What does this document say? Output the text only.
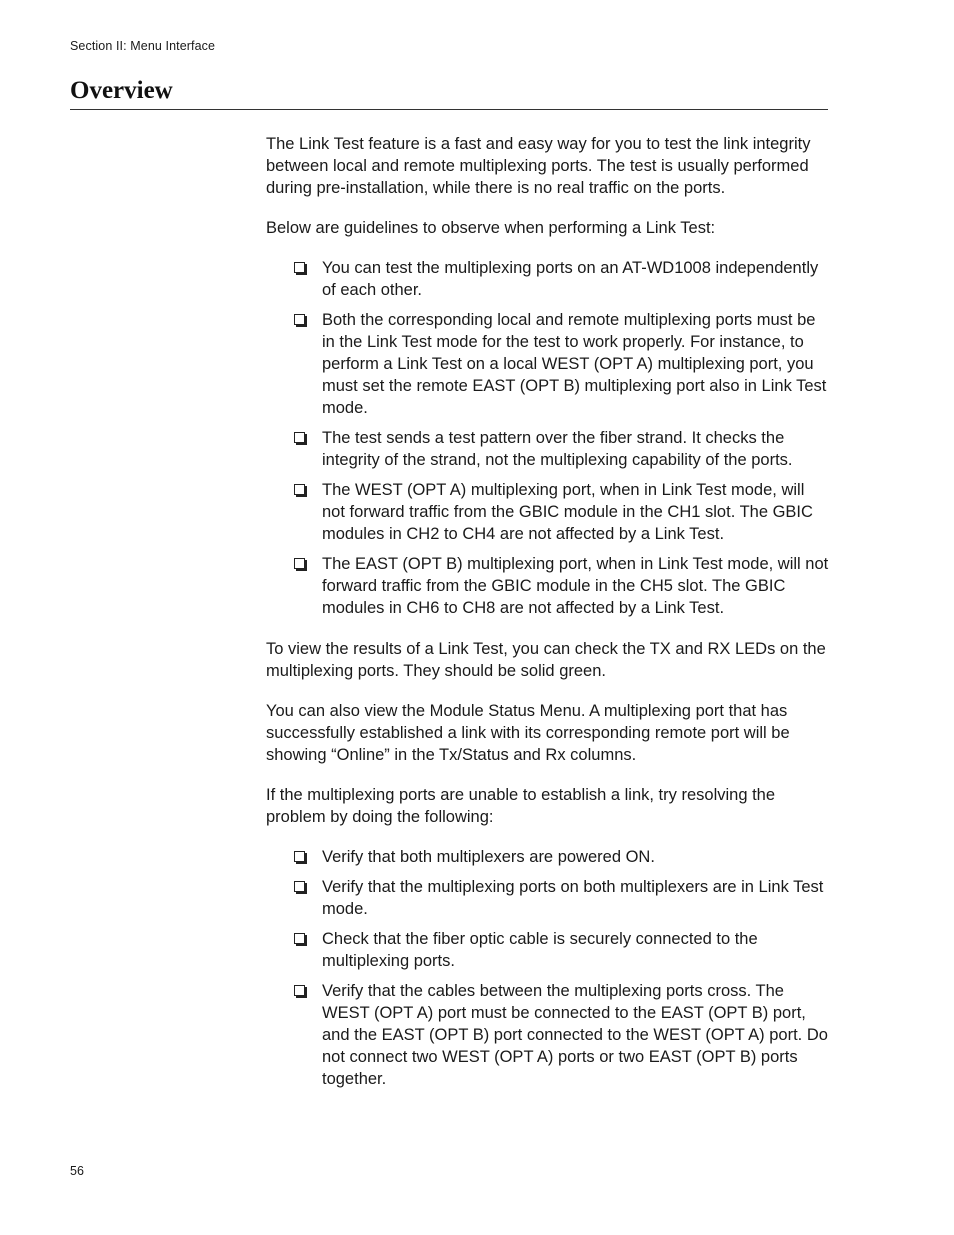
Section II: Menu Interface
Overview

The Link Test feature is a fast and easy way for you to test the link integrity between local and remote multiplexing ports. The test is usually performed during pre-installation, while there is no real traffic on the ports.

Below are guidelines to observe when performing a Link Test:

You can test the multiplexing ports on an AT-WD1008 independently of each other.
Both the corresponding local and remote multiplexing ports must be in the Link Test mode for the test to work properly. For instance, to perform a Link Test on a local WEST (OPT A) multiplexing port, you must set the remote EAST (OPT B) multiplexing port also in Link Test mode.
The test sends a test pattern over the fiber strand. It checks the integrity of the strand, not the multiplexing capability of the ports.
The WEST (OPT A) multiplexing port, when in Link Test mode, will not forward traffic from the GBIC module in the CH1 slot. The GBIC modules in CH2 to CH4 are not affected by a Link Test.
The EAST (OPT B) multiplexing port, when in Link Test mode, will not forward traffic from the GBIC module in the CH5 slot. The GBIC modules in CH6 to CH8 are not affected by a Link Test.

To view the results of a Link Test, you can check the TX and RX LEDs on the multiplexing ports. They should be solid green.

You can also view the Module Status Menu. A multiplexing port that has successfully established a link with its corresponding remote port will be showing “Online” in the Tx/Status and Rx columns.

If the multiplexing ports are unable to establish a link, try resolving the problem by doing the following:

Verify that both multiplexers are powered ON.
Verify that the multiplexing ports on both multiplexers are in Link Test mode.
Check that the fiber optic cable is securely connected to the multiplexing ports.
Verify that the cables between the multiplexing ports cross. The WEST (OPT A) port must be connected to the EAST (OPT B) port, and the EAST (OPT B) port connected to the WEST (OPT A) port. Do not connect two WEST (OPT A) ports or two EAST (OPT B) ports together.
56
